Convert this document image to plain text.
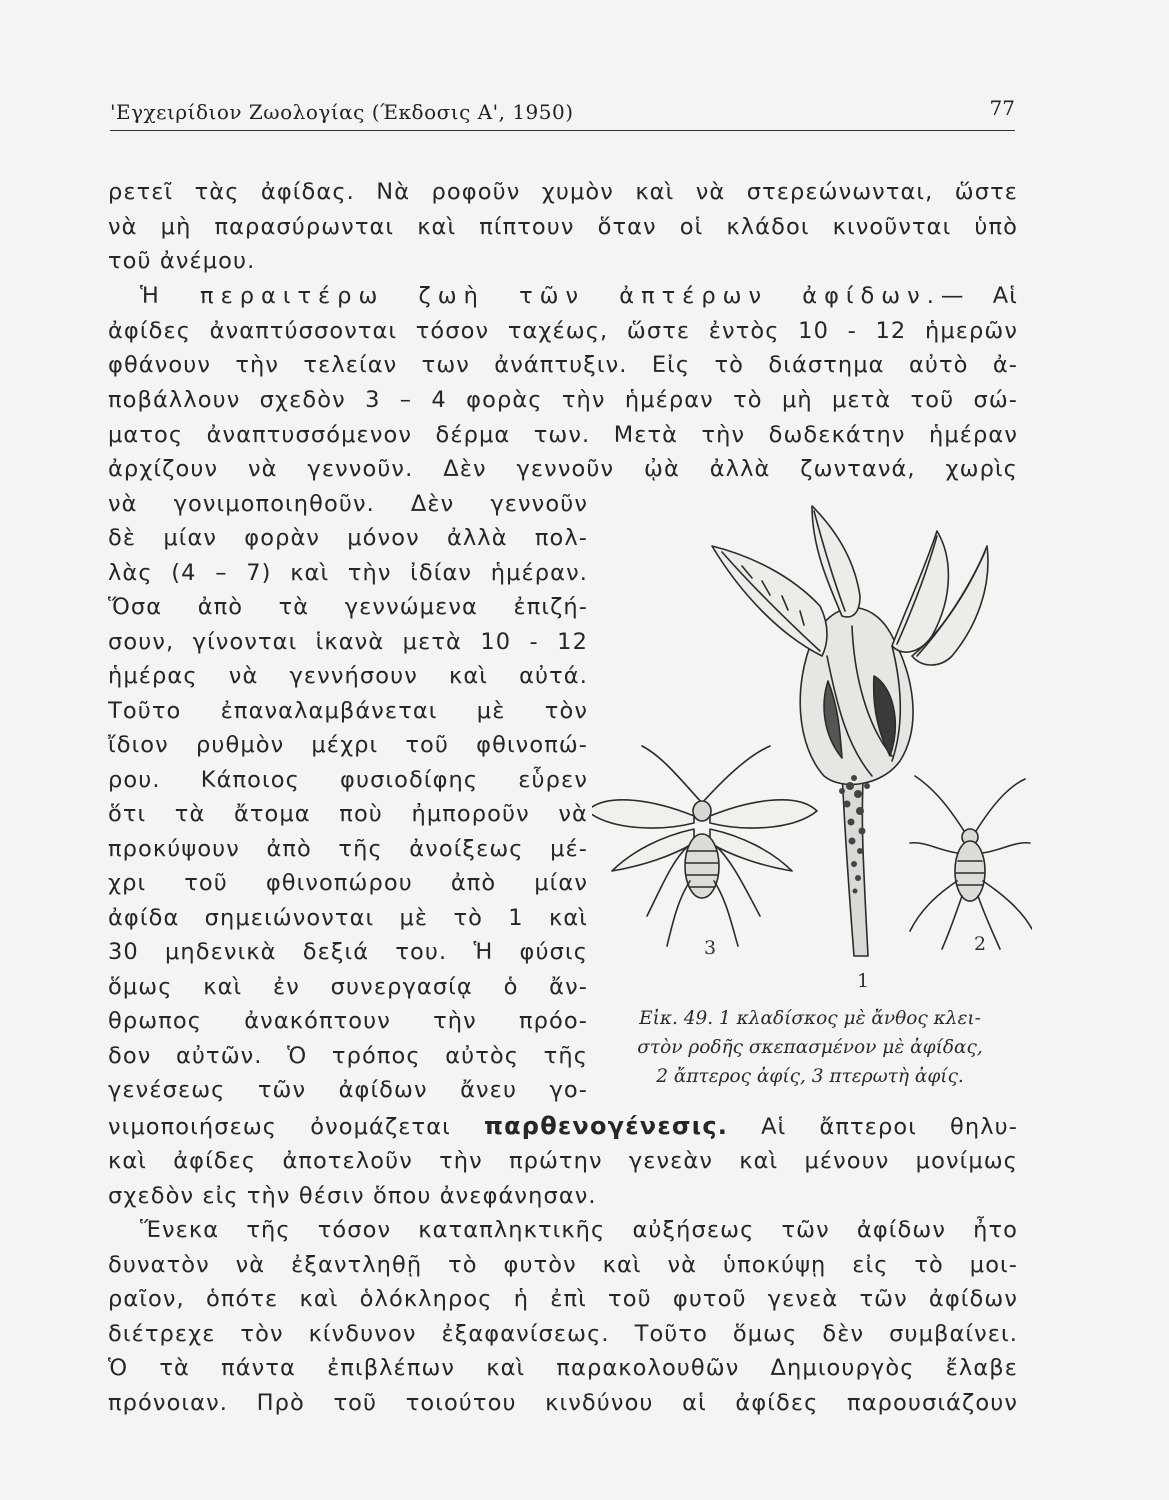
'Εγχειρίδιον Ζωολογίας (Έκδοσις Α', 1950)	77
ρετεῖ τὰς ἀφίδας. Νὰ ροφοῦν χυμὸν καὶ νὰ στερεώνωνται, ὥστε
νὰ μὴ παρασύρωνται καὶ πίπτουν ὅταν οἱ κλάδοι κινοῦνται ὑπὸ
τοῦ ἀνέμου.
Ἡ περαιτέρω ζωὴ τῶν ἀπτέρων ἀφίδων.— Αἱ
ἀφίδες ἀναπτύσσονται τόσον ταχέως, ὥστε ἐντὸς 10 - 12 ἡμερῶν
φθάνουν τὴν τελείαν των ἀνάπτυξιν. Εἰς τὸ διάστημα αὐτὸ ἀ-
ποβάλλουν σχεδὸν 3 – 4 φορὰς τὴν ἡμέραν τὸ μὴ μετὰ τοῦ σώ-
ματος ἀναπτυσσόμενον δέρμα των. Μετὰ τὴν δωδεκάτην ἡμέραν
ἀρχίζουν νὰ γεννοῦν. Δὲν γεννοῦν ᾠὰ ἀλλὰ ζωντανά, χωρὶς
νὰ γονιμοποιηθοῦν. Δὲν γεννοῦν
δὲ μίαν φορὰν μόνον ἀλλὰ πολ-
λὰς (4 – 7) καὶ τὴν ἰδίαν ἡμέραν.
Ὅσα ἀπὸ τὰ γεννώμενα ἐπιζή-
σουν, γίνονται ἱκανὰ μετὰ 10 - 12
ἡμέρας νὰ γεννήσουν καὶ αὐτά.
Τοῦτο ἐπαναλαμβάνεται μὲ τὸν
ἴδιον ρυθμὸν μέχρι τοῦ φθινοπώ-
ρου. Κάποιος φυσιοδίφης εὗρεν
ὅτι τὰ ἄτομα ποὺ ἠμποροῦν νὰ
προκύψουν ἀπὸ τῆς ἀνοίξεως μέ-
χρι τοῦ φθινοπώρου ἀπὸ μίαν
ἀφίδα σημειώνονται μὲ τὸ 1 καὶ
30 μηδενικὰ δεξιά του. Ἡ φύσις
ὅμως καὶ ἐν συνεργασίᾳ ὁ ἄν-
θρωπος ἀνακόπτουν τὴν πρόο-
δον αὐτῶν. Ὁ τρόπος αὐτὸς τῆς
γενέσεως τῶν ἀφίδων ἄνευ γο-
νιμοποιήσεως ὀνομάζεται παρθενογένεσις. Αἱ ἄπτεροι θηλυ-
καὶ ἀφίδες ἀποτελοῦν τὴν πρώτην γενεὰν καὶ μένουν μονίμως
σχεδὸν εἰς τὴν θέσιν ὅπου ἀνεφάνησαν.
Ἕνεκα τῆς τόσον καταπληκτικῆς αὐξήσεως τῶν ἀφίδων ἦτο
δυνατὸν νὰ ἐξαντληθῇ τὸ φυτὸν καὶ νὰ ὑποκύψῃ εἰς τὸ μοι-
ραῖον, ὁπότε καὶ ὁλόκληρος ἡ ἐπὶ τοῦ φυτοῦ γενεὰ τῶν ἀφίδων
διέτρεχε τὸν κίνδυνον ἐξαφανίσεως. Τοῦτο ὅμως δὲν συμβαίνει.
Ὁ τὰ πάντα ἐπιβλέπων καὶ παρακολουθῶν Δημιουργὸς ἔλαβε
πρόνοιαν. Πρὸ τοῦ τοιούτου κινδύνου αἱ ἀφίδες παρουσιάζουν
3
1
2
Εἰκ. 49. 1 κλαδίσκος μὲ ἄνθος κλει-
στὸν ροδῆς σκεπασμένον μὲ ἀφίδας,
2 ἄπτερος ἀφίς, 3 πτερωτὴ ἀφίς.
